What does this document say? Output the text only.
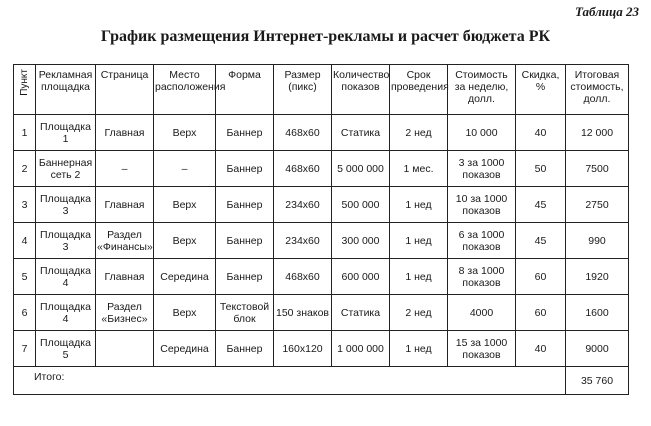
Таблица 23
График размещения Интернет-рекламы и расчет бюджета РК
Пункт	Рекламная площадка	Страница	Место расположения	Форма	Размер (пикс)	Количество показов	Срок проведения	Стоимость за неделю, долл.	Скидка, %	Итоговая стоимость, долл.
1	Площадка 1	Главная	Верх	Баннер	468x60	Статика	2 нед	10 000	40	12 000
2	Баннерная сеть 2	–	–	Баннер	468x60	5 000 000	1 мес.	3 за 1000 показов	50	7500
3	Площадка 3	Главная	Верх	Баннер	234x60	500 000	1 нед	10 за 1000 показов	45	2750
4	Площадка 3	Раздел «Финансы»	Верх	Баннер	234x60	300 000	1 нед	6 за 1000 показов	45	990
5	Площадка 4	Главная	Середина	Баннер	468x60	600 000	1 нед	8 за 1000 показов	60	1920
6	Площадка 4	Раздел «Бизнес»	Верх	Текстовой блок	150 знаков	Статика	2 нед	4000	60	1600
7	Площадка 5		Середина	Баннер	160x120	1 000 000	1 нед	15 за 1000 показов	40	9000
Итого:										35 760
